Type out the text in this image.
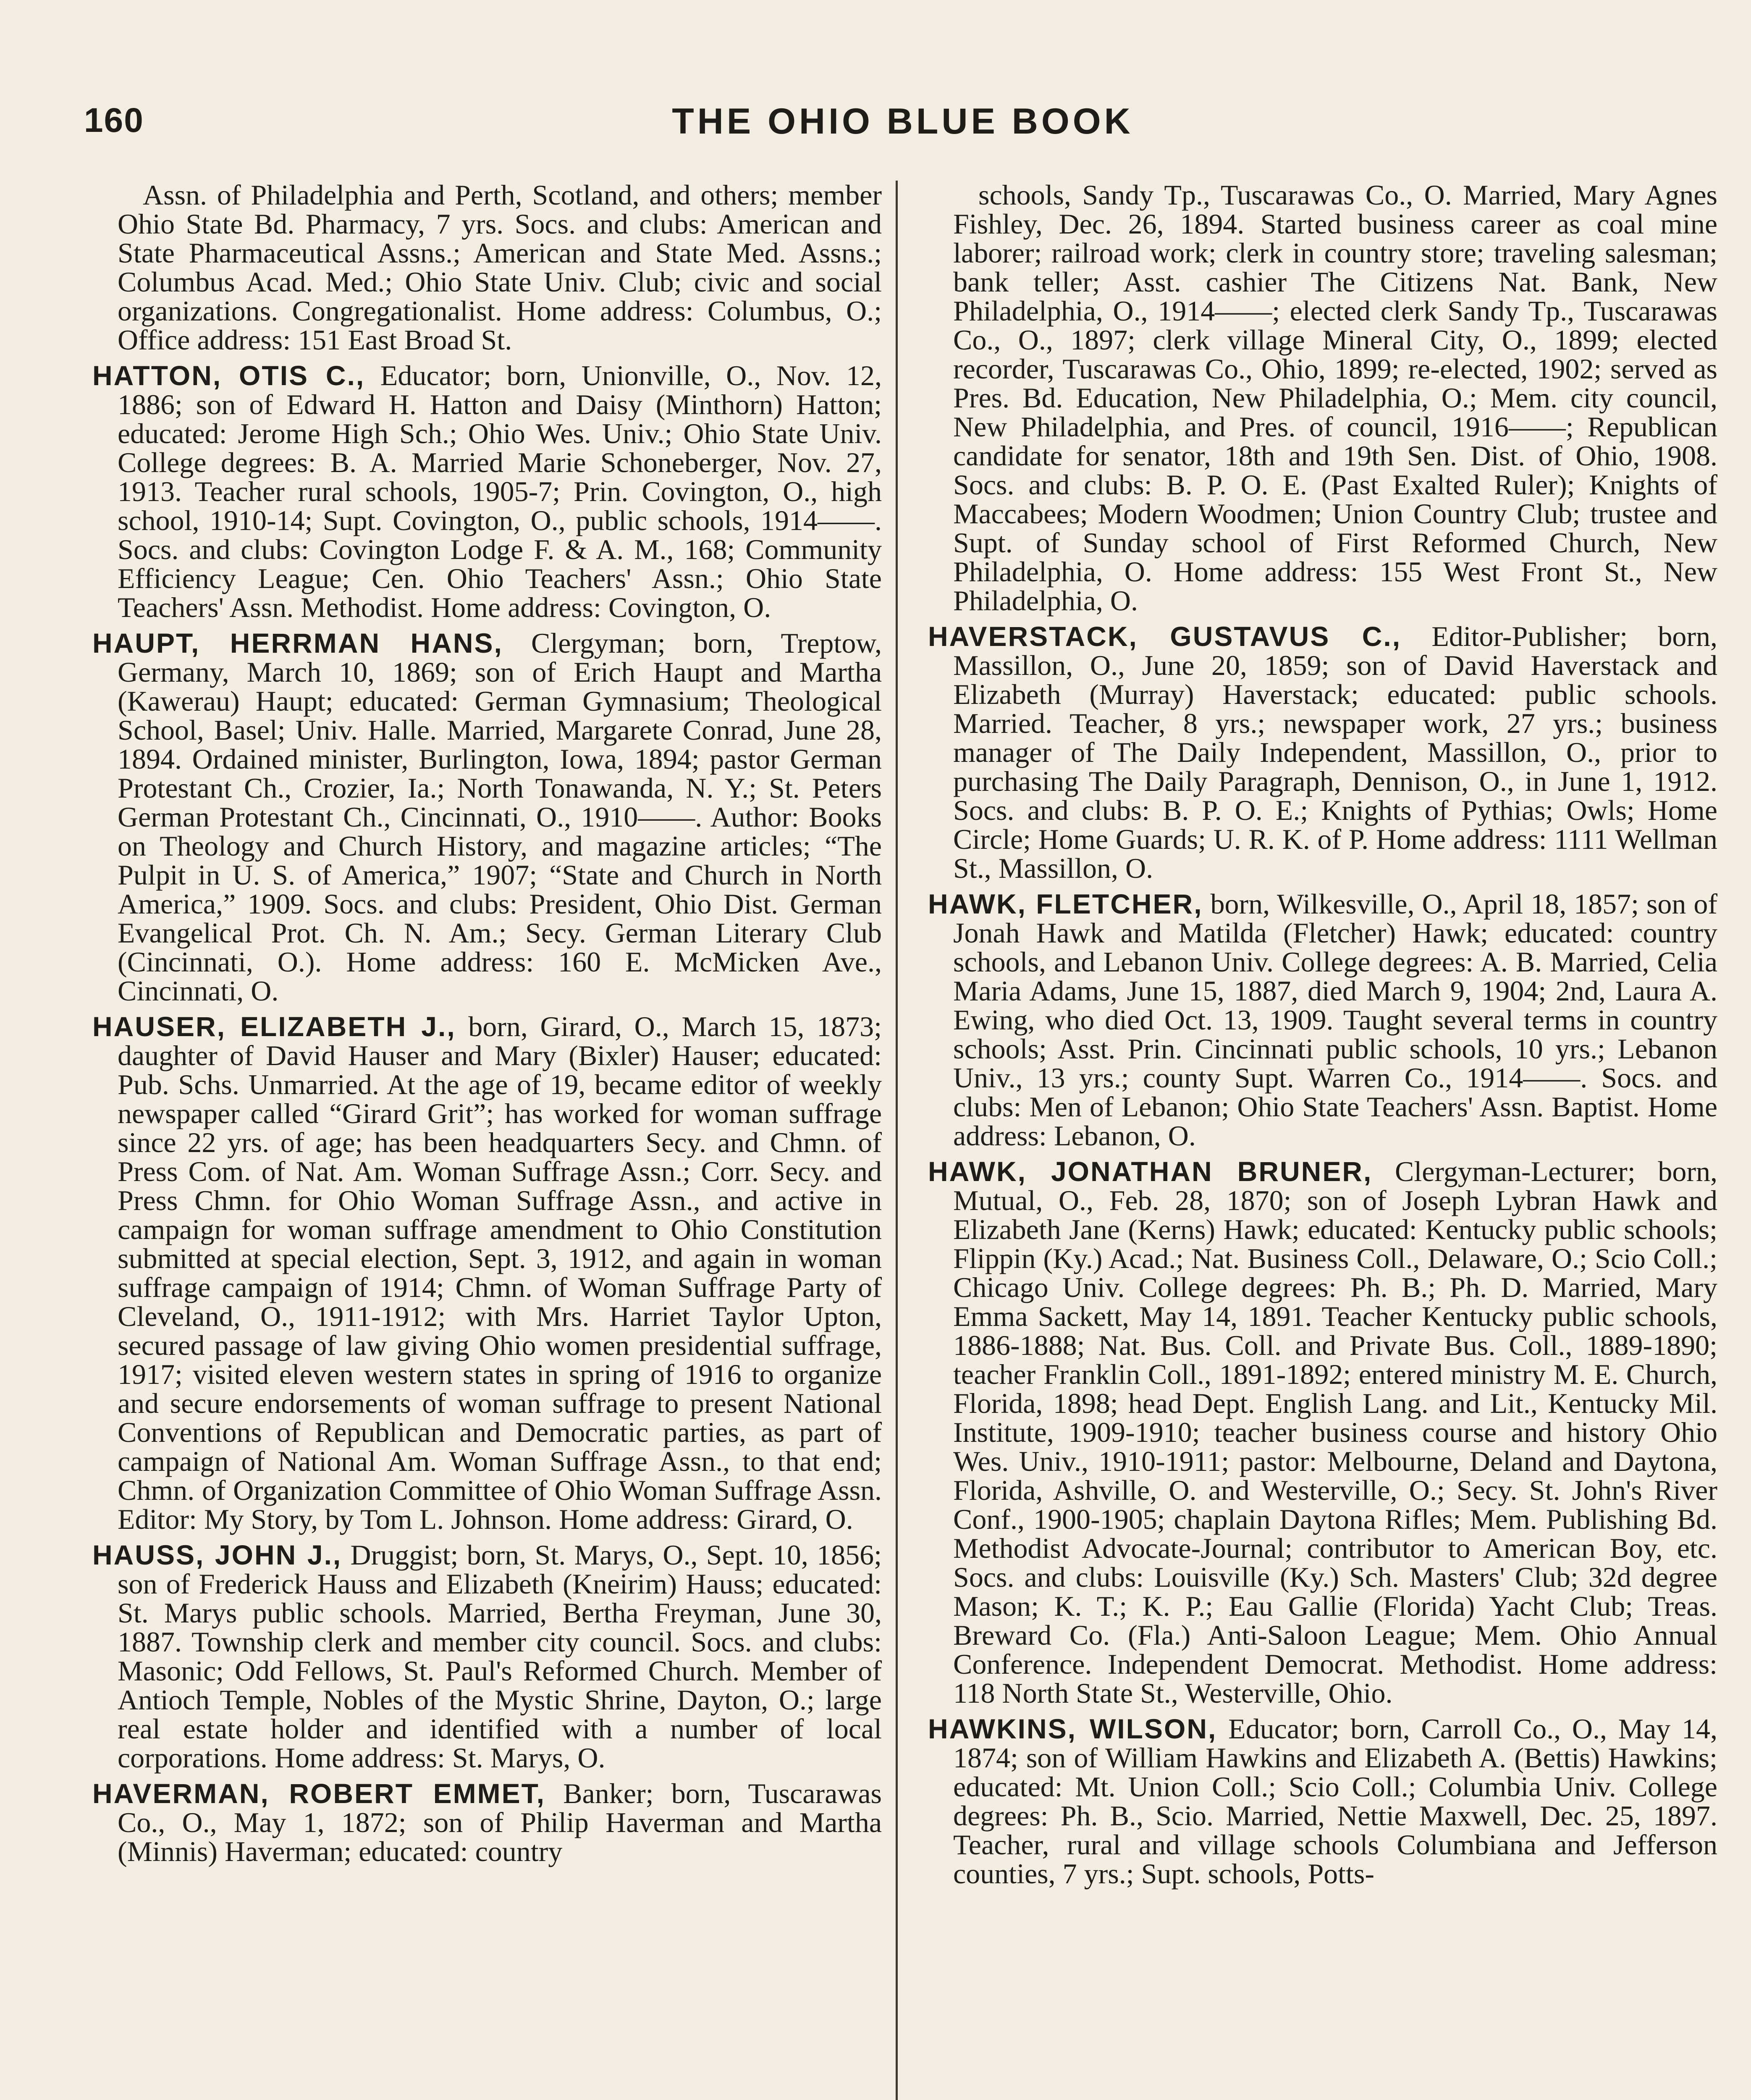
160	THE OHIO BLUE BOOK

Assn. of Philadelphia and Perth, Scotland, and others; member Ohio State Bd. Pharmacy, 7 yrs. Socs. and clubs: American and State Pharmaceutical Assns.; American and State Med. Assns.; Columbus Acad. Med.; Ohio State Univ. Club; civic and social organizations. Congregationalist. Home address: Columbus, O.; Office address: 151 East Broad St.

HATTON, OTIS C., Educator; born, Unionville, O., Nov. 12, 1886; son of Edward H. Hatton and Daisy (Minthorn) Hatton; educated: Jerome High Sch.; Ohio Wes. Univ.; Ohio State Univ. College degrees: B. A. Married Marie Schoneberger, Nov. 27, 1913. Teacher rural schools, 1905-7; Prin. Covington, O., high school, 1910-14; Supt. Covington, O., public schools, 1914——. Socs. and clubs: Covington Lodge F. & A. M., 168; Community Efficiency League; Cen. Ohio Teachers' Assn.; Ohio State Teachers' Assn. Methodist. Home address: Covington, O.

HAUPT, HERRMAN HANS, Clergyman; born, Treptow, Germany, March 10, 1869; son of Erich Haupt and Martha (Kawerau) Haupt; educated: German Gymnasium; Theological School, Basel; Univ. Halle. Married, Margarete Conrad, June 28, 1894. Ordained minister, Burlington, Iowa, 1894; pastor German Protestant Ch., Crozier, Ia.; North Tonawanda, N. Y.; St. Peters German Protestant Ch., Cincinnati, O., 1910——. Author: Books on Theology and Church History, and magazine articles; “The Pulpit in U. S. of America,” 1907; “State and Church in North America,” 1909. Socs. and clubs: President, Ohio Dist. German Evangelical Prot. Ch. N. Am.; Secy. German Literary Club (Cincinnati, O.). Home address: 160 E. McMicken Ave., Cincinnati, O.

HAUSER, ELIZABETH J., born, Girard, O., March 15, 1873; daughter of David Hauser and Mary (Bixler) Hauser; educated: Pub. Schs. Unmarried. At the age of 19, became editor of weekly newspaper called “Girard Grit”; has worked for woman suffrage since 22 yrs. of age; has been headquarters Secy. and Chmn. of Press Com. of Nat. Am. Woman Suffrage Assn.; Corr. Secy. and Press Chmn. for Ohio Woman Suffrage Assn., and active in campaign for woman suffrage amendment to Ohio Constitution submitted at special election, Sept. 3, 1912, and again in woman suffrage campaign of 1914; Chmn. of Woman Suffrage Party of Cleveland, O., 1911-1912; with Mrs. Harriet Taylor Upton, secured passage of law giving Ohio women presidential suffrage, 1917; visited eleven western states in spring of 1916 to organize and secure endorsements of woman suffrage to present National Conventions of Republican and Democratic parties, as part of campaign of National Am. Woman Suffrage Assn., to that end; Chmn. of Organization Committee of Ohio Woman Suffrage Assn. Editor: My Story, by Tom L. Johnson. Home address: Girard, O.

HAUSS, JOHN J., Druggist; born, St. Marys, O., Sept. 10, 1856; son of Frederick Hauss and Elizabeth (Kneirim) Hauss; educated: St. Marys public schools. Married, Bertha Freyman, June 30, 1887. Township clerk and member city council. Socs. and clubs: Masonic; Odd Fellows, St. Paul's Reformed Church. Member of Antioch Temple, Nobles of the Mystic Shrine, Dayton, O.; large real estate holder and identified with a number of local corporations. Home address: St. Marys, O.

HAVERMAN, ROBERT EMMET, Banker; born, Tuscarawas Co., O., May 1, 1872; son of Philip Haverman and Martha (Minnis) Haverman; educated: country

schools, Sandy Tp., Tuscarawas Co., O. Married, Mary Agnes Fishley, Dec. 26, 1894. Started business career as coal mine laborer; railroad work; clerk in country store; traveling salesman; bank teller; Asst. cashier The Citizens Nat. Bank, New Philadelphia, O., 1914——; elected clerk Sandy Tp., Tuscarawas Co., O., 1897; clerk village Mineral City, O., 1899; elected recorder, Tuscarawas Co., Ohio, 1899; re-elected, 1902; served as Pres. Bd. Education, New Philadelphia, O.; Mem. city council, New Philadelphia, and Pres. of council, 1916——; Republican candidate for senator, 18th and 19th Sen. Dist. of Ohio, 1908. Socs. and clubs: B. P. O. E. (Past Exalted Ruler); Knights of Maccabees; Modern Woodmen; Union Country Club; trustee and Supt. of Sunday school of First Reformed Church, New Philadelphia, O. Home address: 155 West Front St., New Philadelphia, O.

HAVERSTACK, GUSTAVUS C., Editor-Publisher; born, Massillon, O., June 20, 1859; son of David Haverstack and Elizabeth (Murray) Haverstack; educated: public schools. Married. Teacher, 8 yrs.; newspaper work, 27 yrs.; business manager of The Daily Independent, Massillon, O., prior to purchasing The Daily Paragraph, Dennison, O., in June 1, 1912. Socs. and clubs: B. P. O. E.; Knights of Pythias; Owls; Home Circle; Home Guards; U. R. K. of P. Home address: 1111 Wellman St., Massillon, O.

HAWK, FLETCHER, born, Wilkesville, O., April 18, 1857; son of Jonah Hawk and Matilda (Fletcher) Hawk; educated: country schools, and Lebanon Univ. College degrees: A. B. Married, Celia Maria Adams, June 15, 1887, died March 9, 1904; 2nd, Laura A. Ewing, who died Oct. 13, 1909. Taught several terms in country schools; Asst. Prin. Cincinnati public schools, 10 yrs.; Lebanon Univ., 13 yrs.; county Supt. Warren Co., 1914——. Socs. and clubs: Men of Lebanon; Ohio State Teachers' Assn. Baptist. Home address: Lebanon, O.

HAWK, JONATHAN BRUNER, Clergyman-Lecturer; born, Mutual, O., Feb. 28, 1870; son of Joseph Lybran Hawk and Elizabeth Jane (Kerns) Hawk; educated: Kentucky public schools; Flippin (Ky.) Acad.; Nat. Business Coll., Delaware, O.; Scio Coll.; Chicago Univ. College degrees: Ph. B.; Ph. D. Married, Mary Emma Sackett, May 14, 1891. Teacher Kentucky public schools, 1886-1888; Nat. Bus. Coll. and Private Bus. Coll., 1889-1890; teacher Franklin Coll., 1891-1892; entered ministry M. E. Church, Florida, 1898; head Dept. English Lang. and Lit., Kentucky Mil. Institute, 1909-1910; teacher business course and history Ohio Wes. Univ., 1910-1911; pastor: Melbourne, Deland and Daytona, Florida, Ashville, O. and Westerville, O.; Secy. St. John's River Conf., 1900-1905; chaplain Daytona Rifles; Mem. Publishing Bd. Methodist Advocate-Journal; contributor to American Boy, etc. Socs. and clubs: Louisville (Ky.) Sch. Masters' Club; 32d degree Mason; K. T.; K. P.; Eau Gallie (Florida) Yacht Club; Treas. Breward Co. (Fla.) Anti-Saloon League; Mem. Ohio Annual Conference. Independent Democrat. Methodist. Home address: 118 North State St., Westerville, Ohio.

HAWKINS, WILSON, Educator; born, Carroll Co., O., May 14, 1874; son of William Hawkins and Elizabeth A. (Bettis) Hawkins; educated: Mt. Union Coll.; Scio Coll.; Columbia Univ. College degrees: Ph. B., Scio. Married, Nettie Maxwell, Dec. 25, 1897. Teacher, rural and village schools Columbiana and Jefferson counties, 7 yrs.; Supt. schools, Potts-
